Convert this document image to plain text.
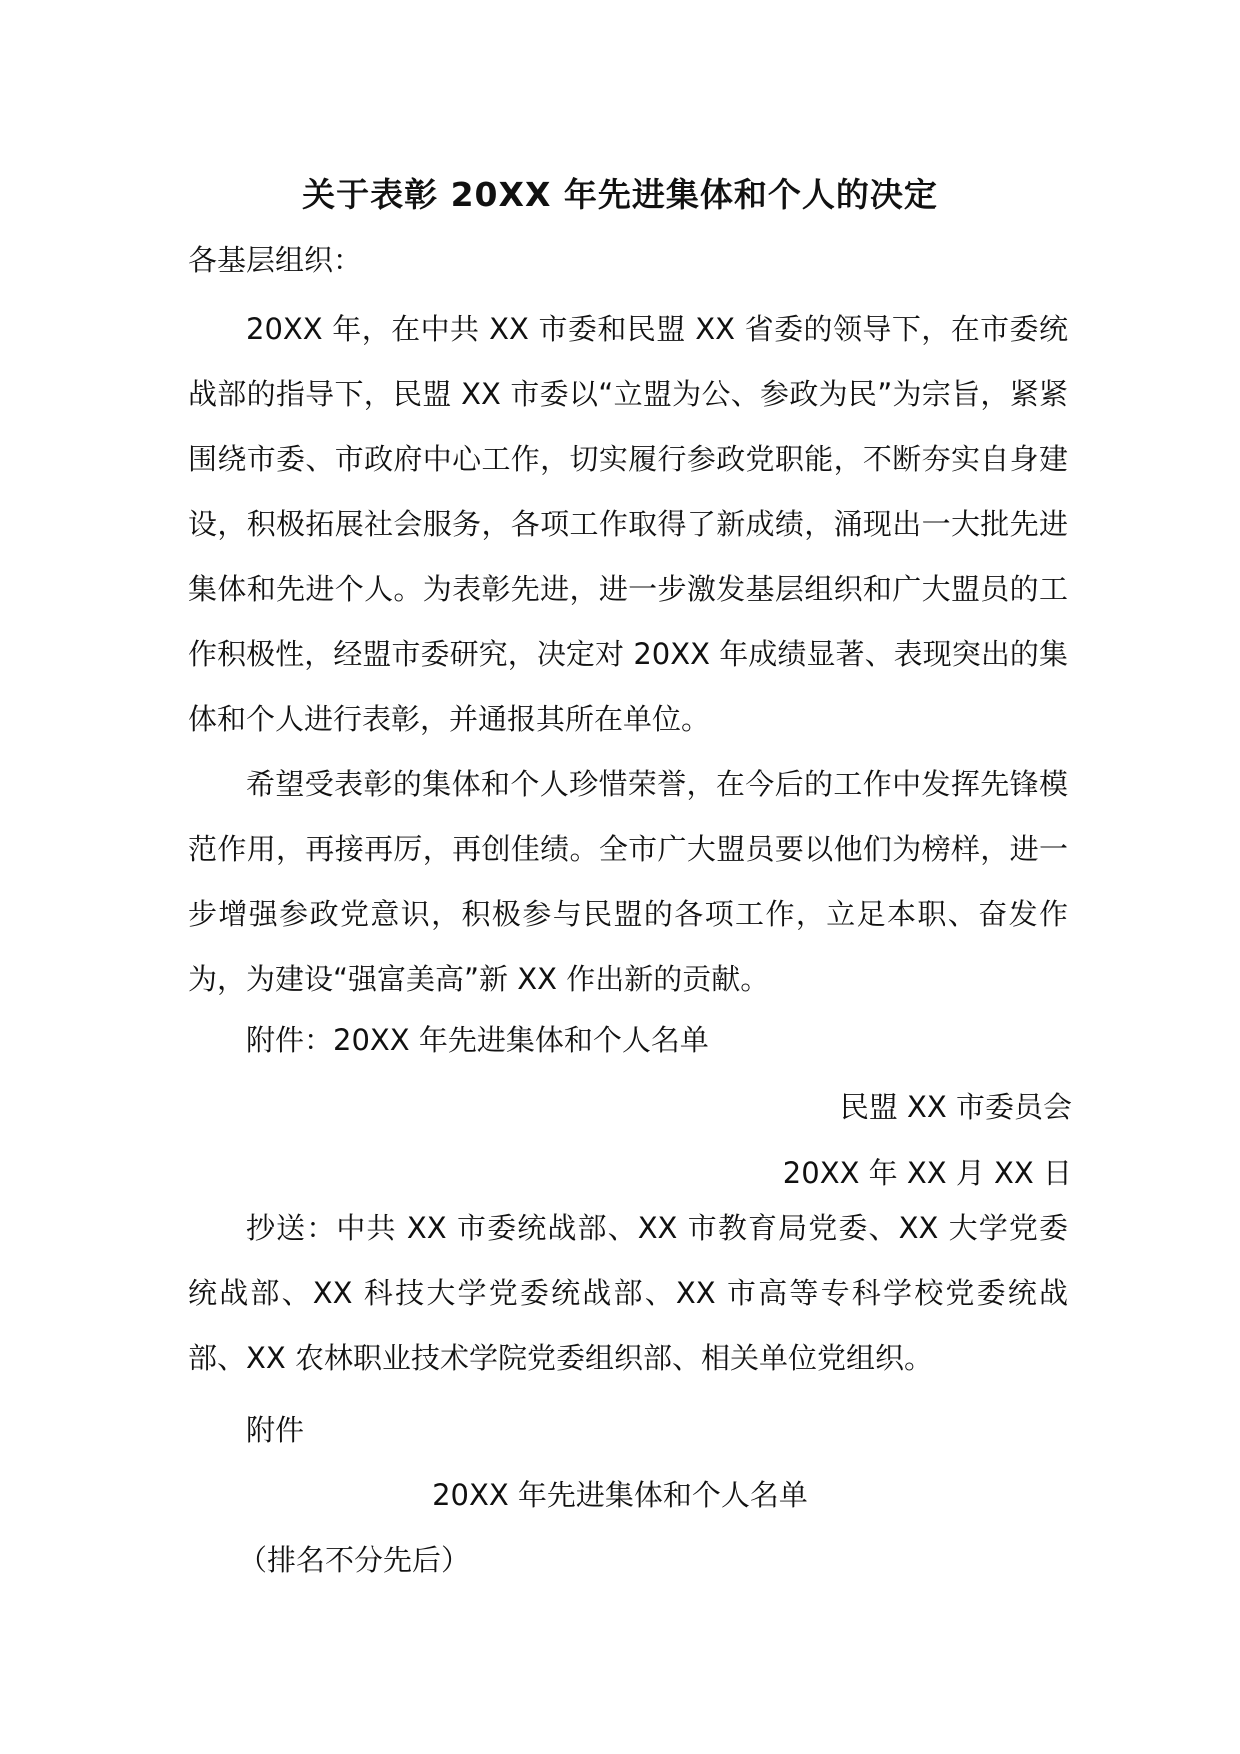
关于表彰 20XX 年先进集体和个人的决定
各基层组织：

20XX 年，在中共 XX 市委和民盟 XX 省委的领导下，在市委统战部的指导下，民盟 XX 市委以“立盟为公、参政为民”为宗旨，紧紧围绕市委、市政府中心工作，切实履行参政党职能，不断夯实自身建设，积极拓展社会服务，各项工作取得了新成绩，涌现出一大批先进集体和先进个人。为表彰先进，进一步激发基层组织和广大盟员的工作积极性，经盟市委研究，决定对 20XX 年成绩显著、表现突出的集体和个人进行表彰，并通报其所在单位。

希望受表彰的集体和个人珍惜荣誉，在今后的工作中发挥先锋模范作用，再接再厉，再创佳绩。全市广大盟员要以他们为榜样，进一步增强参政党意识，积极参与民盟的各项工作，立足本职、奋发作为，为建设“强富美高”新 XX 作出新的贡献。

附件：20XX 年先进集体和个人名单

民盟 XX 市委员会
20XX 年 XX 月 XX 日

抄送：中共 XX 市委统战部、XX 市教育局党委、XX 大学党委统战部、XX 科技大学党委统战部、XX 市高等专科学校党委统战部、XX 农林职业技术学院党委组织部、相关单位党组织。

附件
20XX 年先进集体和个人名单
（排名不分先后）
